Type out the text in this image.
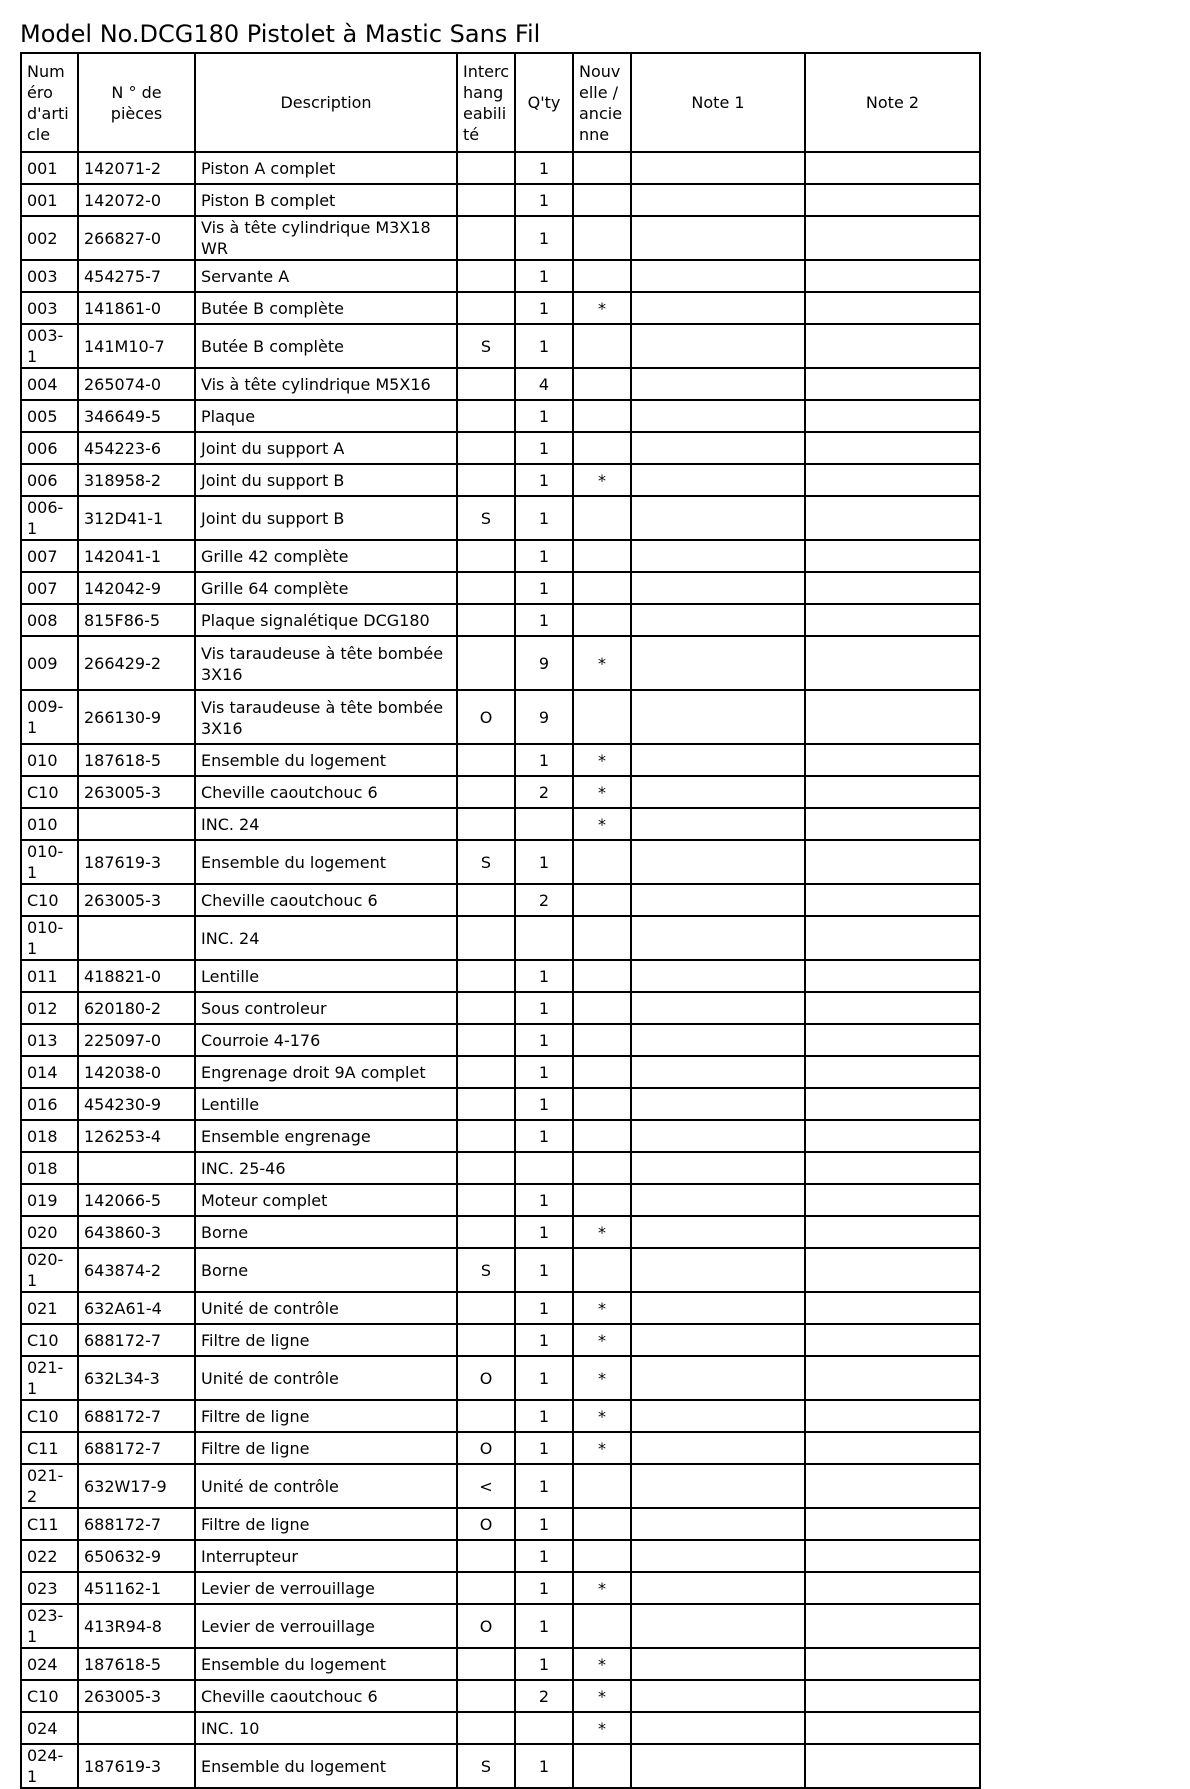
Model No.DCG180 Pistolet à Mastic Sans Fil
Numéro d'article	N ° de pièces	Description	Interchangeabilité	Q'ty	Nouvelle / ancienne	Note 1	Note 2
001	142071-2	Piston A complet		1			
001	142072-0	Piston B complet		1			
002	266827-0	Vis à tête cylindrique M3X18 WR		1			
003	454275-7	Servante A		1			
003	141861-0	Butée B complète		1	*		
003-1	141M10-7	Butée B complète	S	1			
004	265074-0	Vis à tête cylindrique M5X16		4			
005	346649-5	Plaque		1			
006	454223-6	Joint du support A		1			
006	318958-2	Joint du support B		1	*		
006-1	312D41-1	Joint du support B	S	1			
007	142041-1	Grille 42 complète		1			
007	142042-9	Grille 64 complète		1			
008	815F86-5	Plaque signalétique DCG180		1			
009	266429-2	Vis taraudeuse à tête bombée 3X16		9	*		
009-1	266130-9	Vis taraudeuse à tête bombée 3X16	O	9			
010	187618-5	Ensemble du logement		1	*		
C10	263005-3	Cheville caoutchouc 6		2	*		
010		INC. 24			*		
010-1	187619-3	Ensemble du logement	S	1			
C10	263005-3	Cheville caoutchouc 6		2			
010-1		INC. 24					
011	418821-0	Lentille		1			
012	620180-2	Sous controleur		1			
013	225097-0	Courroie 4-176		1			
014	142038-0	Engrenage droit 9A complet		1			
016	454230-9	Lentille		1			
018	126253-4	Ensemble engrenage		1			
018		INC. 25-46					
019	142066-5	Moteur complet		1			
020	643860-3	Borne		1	*		
020-1	643874-2	Borne	S	1			
021	632A61-4	Unité de contrôle		1	*		
C10	688172-7	Filtre de ligne		1	*		
021-1	632L34-3	Unité de contrôle	O	1	*		
C10	688172-7	Filtre de ligne		1	*		
C11	688172-7	Filtre de ligne	O	1	*		
021-2	632W17-9	Unité de contrôle	<	1			
C11	688172-7	Filtre de ligne	O	1			
022	650632-9	Interrupteur		1			
023	451162-1	Levier de verrouillage		1	*		
023-1	413R94-8	Levier de verrouillage	O	1			
024	187618-5	Ensemble du logement		1	*		
C10	263005-3	Cheville caoutchouc 6		2	*		
024		INC. 10			*		
024-1	187619-3	Ensemble du logement	S	1			
